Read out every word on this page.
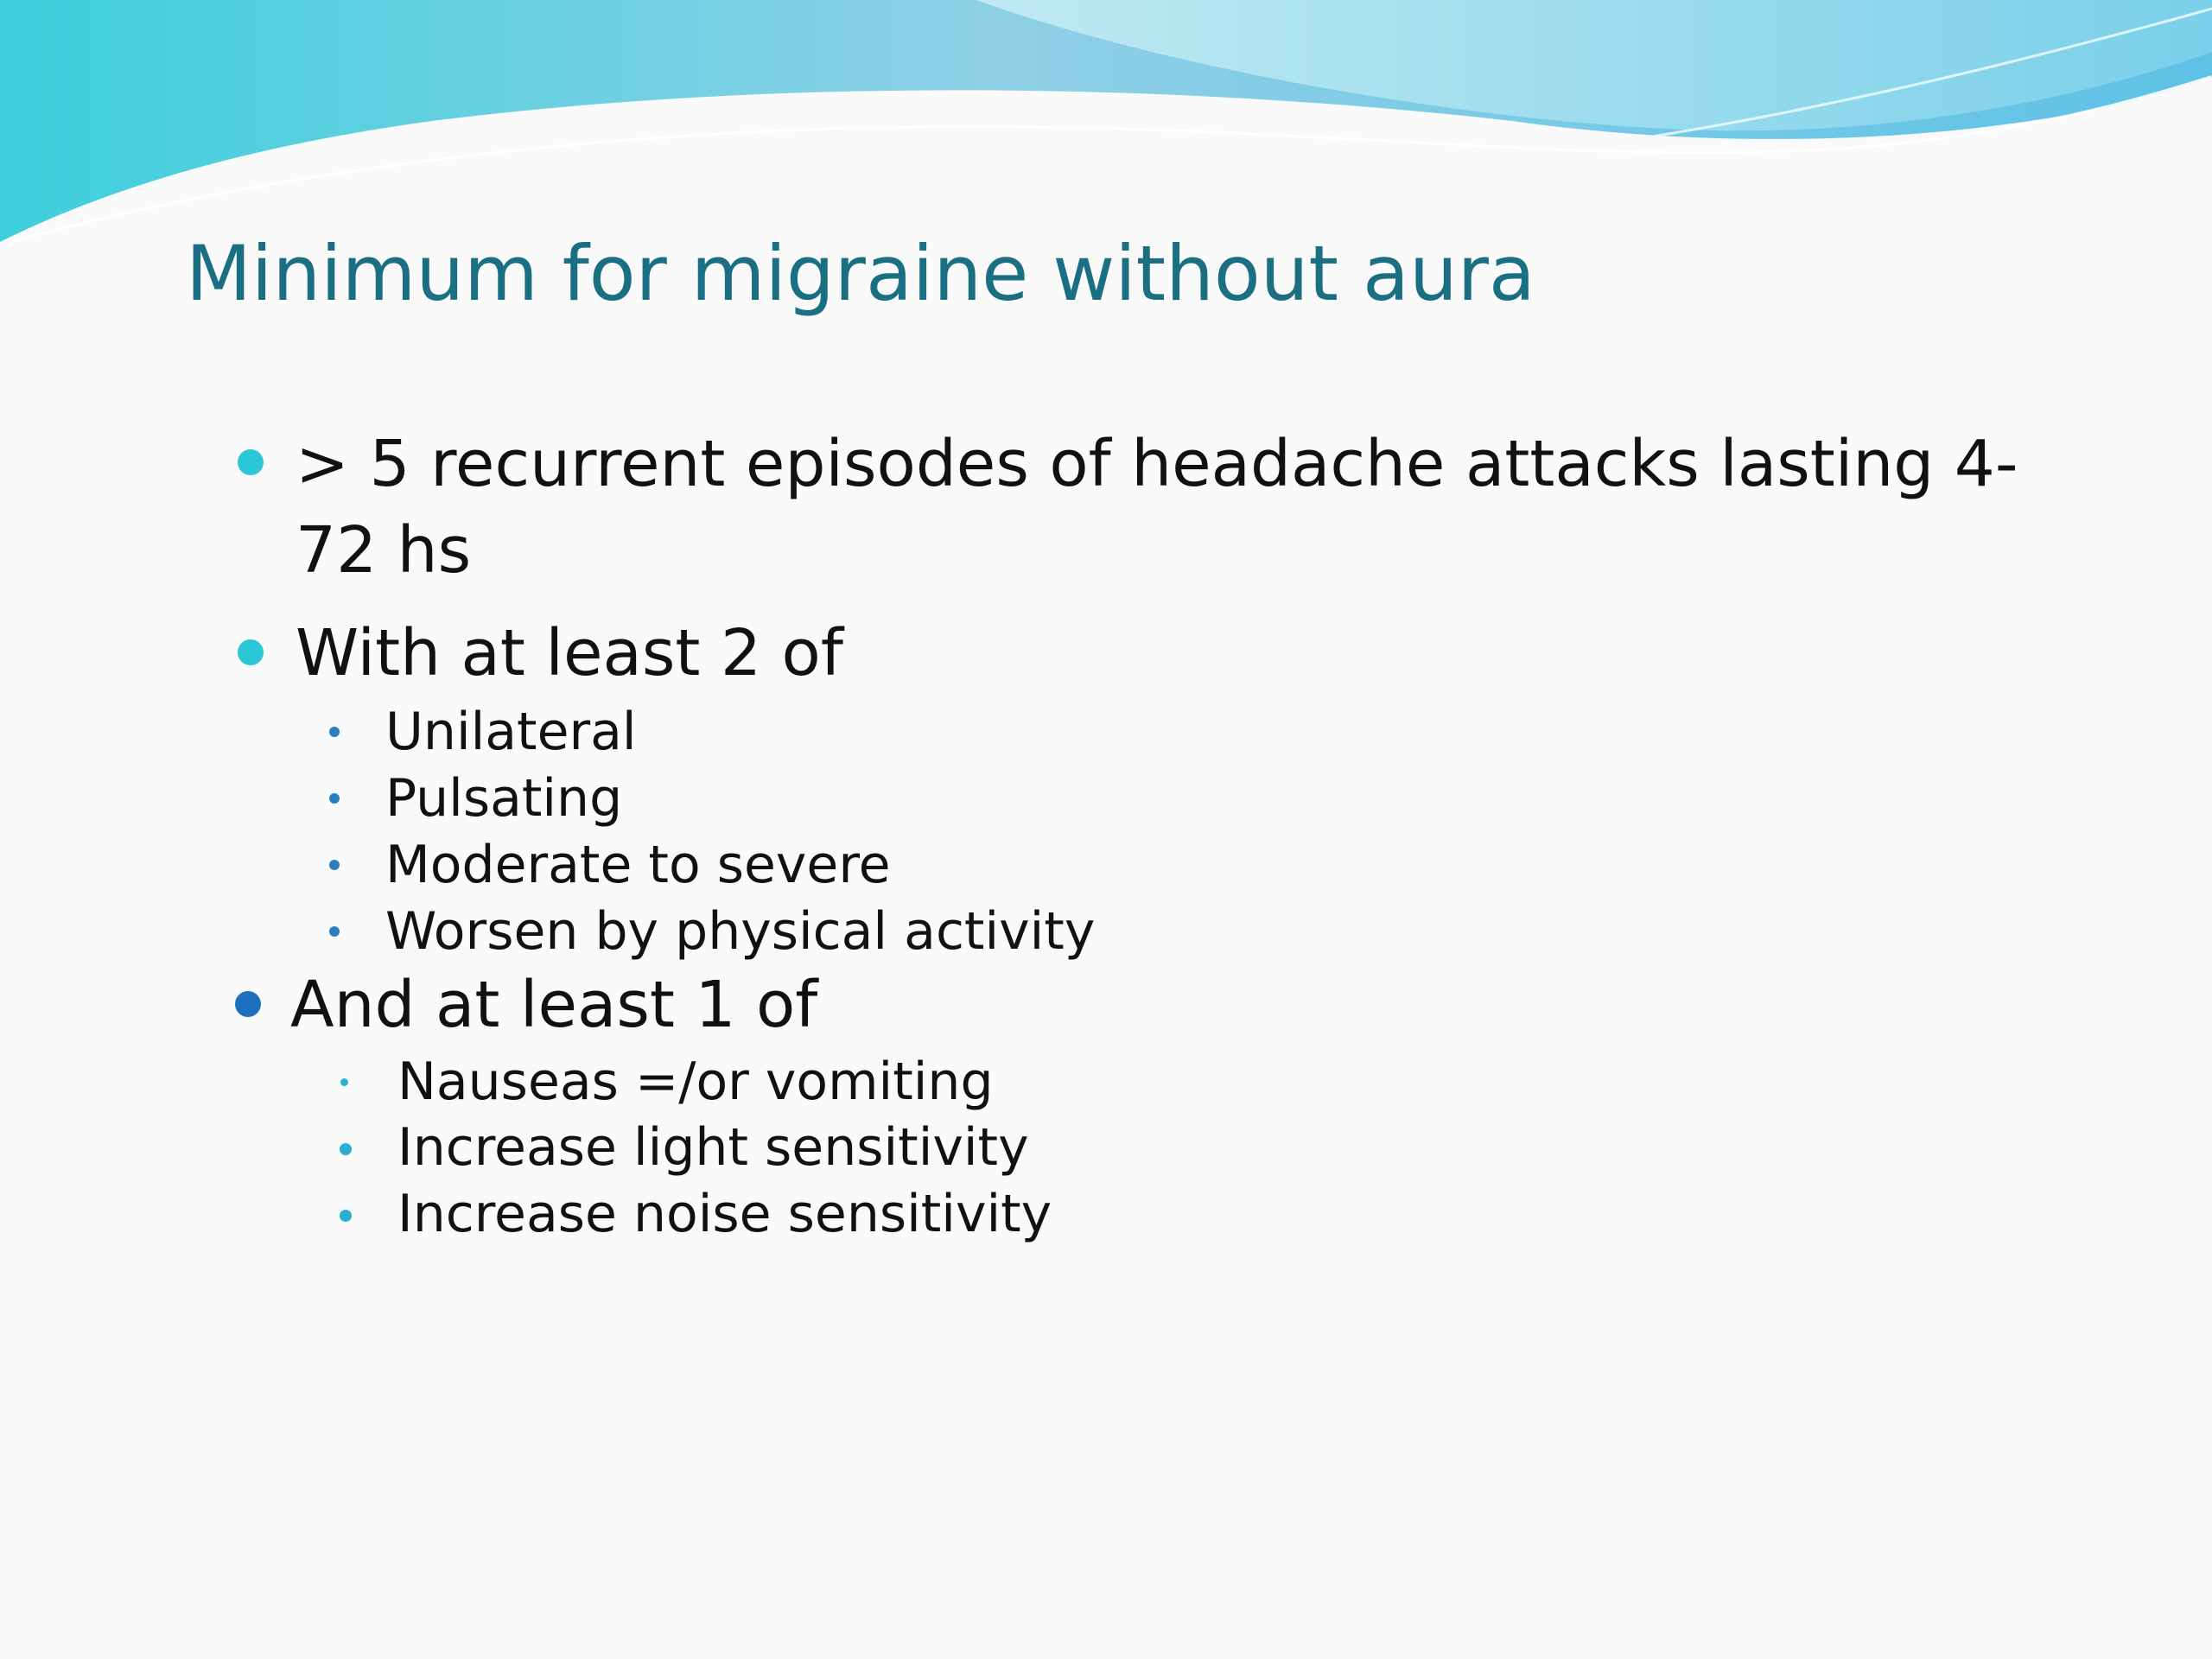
Minimum for migraine without aura
> 5 recurrent episodes of headache attacks lasting 4-
72 hs
With at least 2 of
Unilateral
Pulsating
Moderate to severe
Worsen by physical activity
And at least 1 of
Nauseas =/or vomiting
Increase light sensitivity
Increase noise sensitivity
